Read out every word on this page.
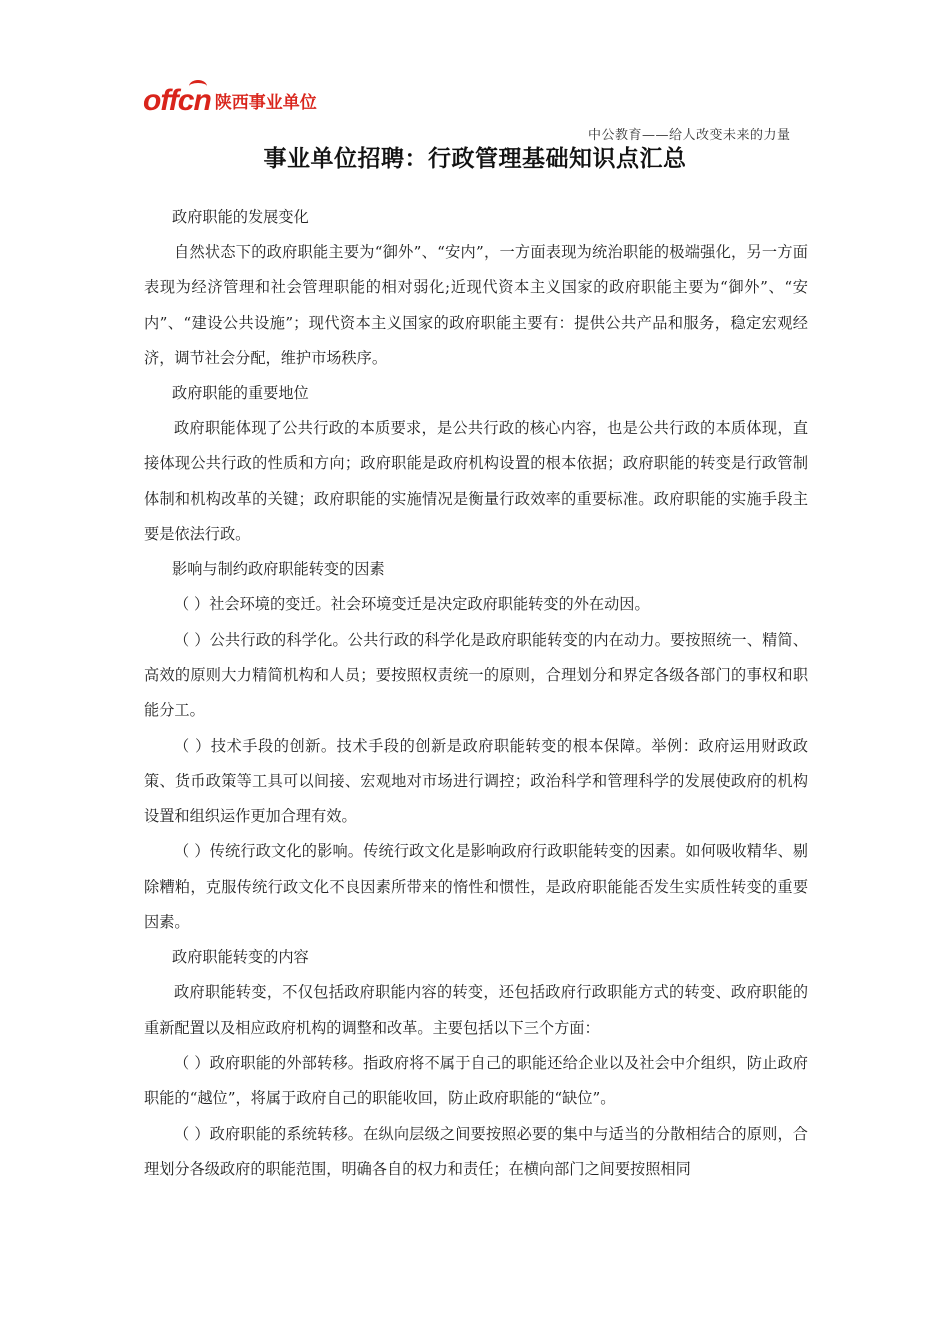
offcn 陕西事业单位
中公教育——给人改变未来的力量
事业单位招聘：行政管理基础知识点汇总

政府职能的发展变化

自然状态下的政府职能主要为“御外”、“安内”，一方面表现为统治职能的极端强化，另一方面表现为经济管理和社会管理职能的相对弱化;近现代资本主义国家的政府职能主要为“御外”、“安内”、“建设公共设施”；现代资本主义国家的政府职能主要有：提供公共产品和服务，稳定宏观经济，调节社会分配，维护市场秩序。

政府职能的重要地位

政府职能体现了公共行政的本质要求，是公共行政的核心内容，也是公共行政的本质体现，直接体现公共行政的性质和方向；政府职能是政府机构设置的根本依据；政府职能的转变是行政管制体制和机构改革的关键；政府职能的实施情况是衡量行政效率的重要标准。政府职能的实施手段主要是依法行政。

影响与制约政府职能转变的因素

（ ）社会环境的变迁。社会环境变迁是决定政府职能转变的外在动因。

（ ）公共行政的科学化。公共行政的科学化是政府职能转变的内在动力。要按照统一、精简、高效的原则大力精简机构和人员；要按照权责统一的原则，合理划分和界定各级各部门的事权和职能分工。

（ ）技术手段的创新。技术手段的创新是政府职能转变的根本保障。举例：政府运用财政政策、货币政策等工具可以间接、宏观地对市场进行调控；政治科学和管理科学的发展使政府的机构设置和组织运作更加合理有效。

（ ）传统行政文化的影响。传统行政文化是影响政府行政职能转变的因素。如何吸收精华、剔除糟粕，克服传统行政文化不良因素所带来的惰性和惯性，是政府职能能否发生实质性转变的重要因素。

政府职能转变的内容

政府职能转变，不仅包括政府职能内容的转变，还包括政府行政职能方式的转变、政府职能的重新配置以及相应政府机构的调整和改革。主要包括以下三个方面：

（ ）政府职能的外部转移。指政府将不属于自己的职能还给企业以及社会中介组织，防止政府职能的“越位”，将属于政府自己的职能收回，防止政府职能的“缺位”。

（ ）政府职能的系统转移。在纵向层级之间要按照必要的集中与适当的分散相结合的原则，合理划分各级政府的职能范围，明确各自的权力和责任；在横向部门之间要按照相同
